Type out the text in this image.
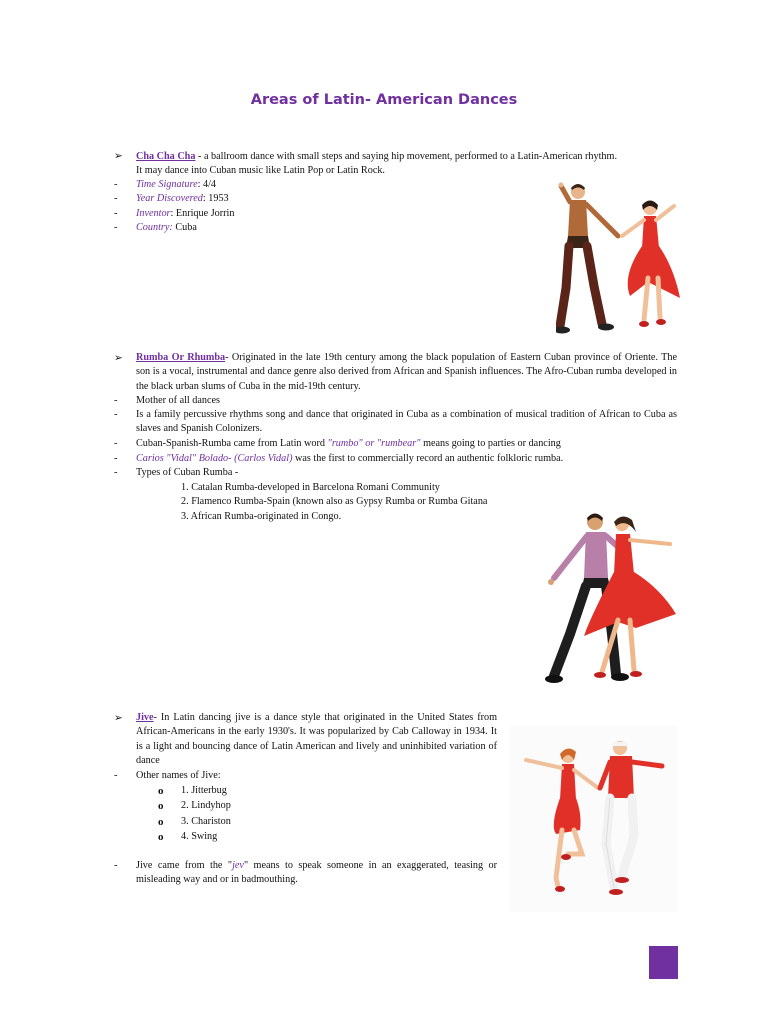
Areas of Latin- American Dances
➢ Cha Cha Cha - a ballroom dance with small steps and saying hip movement, performed to a Latin-American rhythm.
It may dance into Cuban music like Latin Pop or Latin Rock.
- Time Signature: 4/4
- Year Discovered: 1953
- Inventor: Enrique Jorrin
- Country: Cuba
➢ Rumba Or Rhumba- Originated in the late 19th century among the black population of Eastern Cuban province of Oriente. The son is a vocal, instrumental and dance genre also derived from African and Spanish influences. The Afro-Cuban rumba developed in the black urban slums of Cuba in the mid-19th century.
- Mother of all dances
- Is a family percussive rhythms song and dance that originated in Cuba as a combination of musical tradition of African to Cuba as slaves and Spanish Colonizers.
- Cuban-Spanish-Rumba came from Latin word "rumbo" or "rumbear" means going to parties or dancing
- Carios "Vidal" Bolado- (Carlos Vidal) was the first to commercially record an authentic folkloric rumba.
- Types of Cuban Rumba -
1. Catalan Rumba-developed in Barcelona Romani Community
2. Flamenco Rumba-Spain (known also as Gypsy Rumba or Rumba Gitana
3. African Rumba-originated in Congo.
➢ Jive- In Latin dancing jive is a dance style that originated in the United States from African-Americans in the early 1930's. It was popularized by Cab Calloway in 1934. It is a light and bouncing dance of Latin American and lively and uninhibited variation of dance
- Other names of Jive:
o 1. Jitterbug
o 2. Lindyhop
o 3. Chariston
o 4. Swing
- Jive came from the "jev" means to speak someone in an exaggerated, teasing or misleading way and or in badmouthing.
